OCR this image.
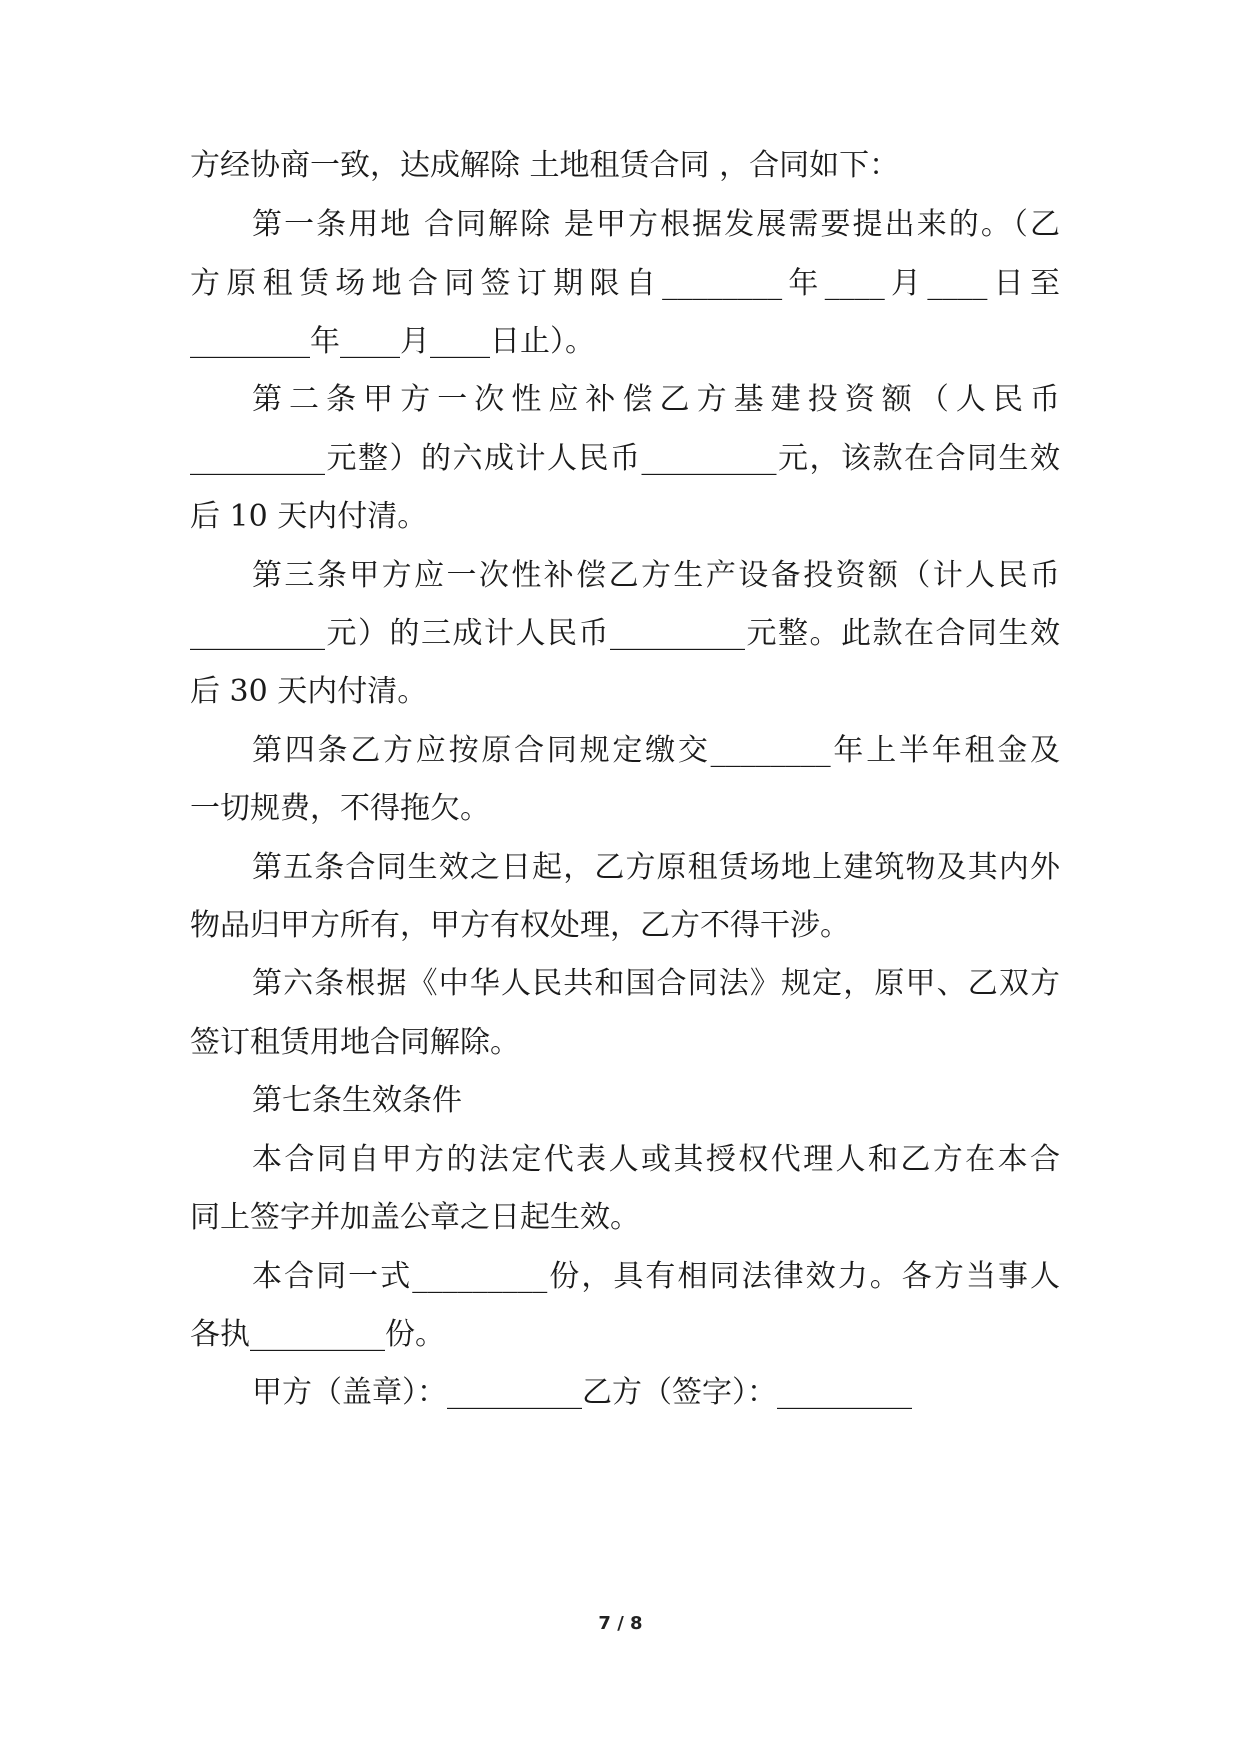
方经协商一致，达成解除 土地租赁合同 ，合同如下：
第一条用地 合同解除 是甲方根据发展需要提出来的。（乙
方原租赁场地合同签订期限自________年____月____日至
________年____月____日止）。
第二条甲方一次性应补偿乙方基建投资额（人民币
_________元整）的六成计人民币_________元，该款在合同生效
后 10 天内付清。
第三条甲方应一次性补偿乙方生产设备投资额（计人民币
_________元）的三成计人民币_________元整。此款在合同生效
后 30 天内付清。
第四条乙方应按原合同规定缴交________年上半年租金及
一切规费，不得拖欠。
第五条合同生效之日起，乙方原租赁场地上建筑物及其内外
物品归甲方所有，甲方有权处理，乙方不得干涉。
第六条根据《中华人民共和国合同法》规定，原甲、乙双方
签订租赁用地合同解除。
第七条生效条件
本合同自甲方的法定代表人或其授权代理人和乙方在本合
同上签字并加盖公章之日起生效。
本合同一式_________份，具有相同法律效力。各方当事人
各执_________份。
甲方（盖章）：_________乙方（签字）：_________
7 / 8
